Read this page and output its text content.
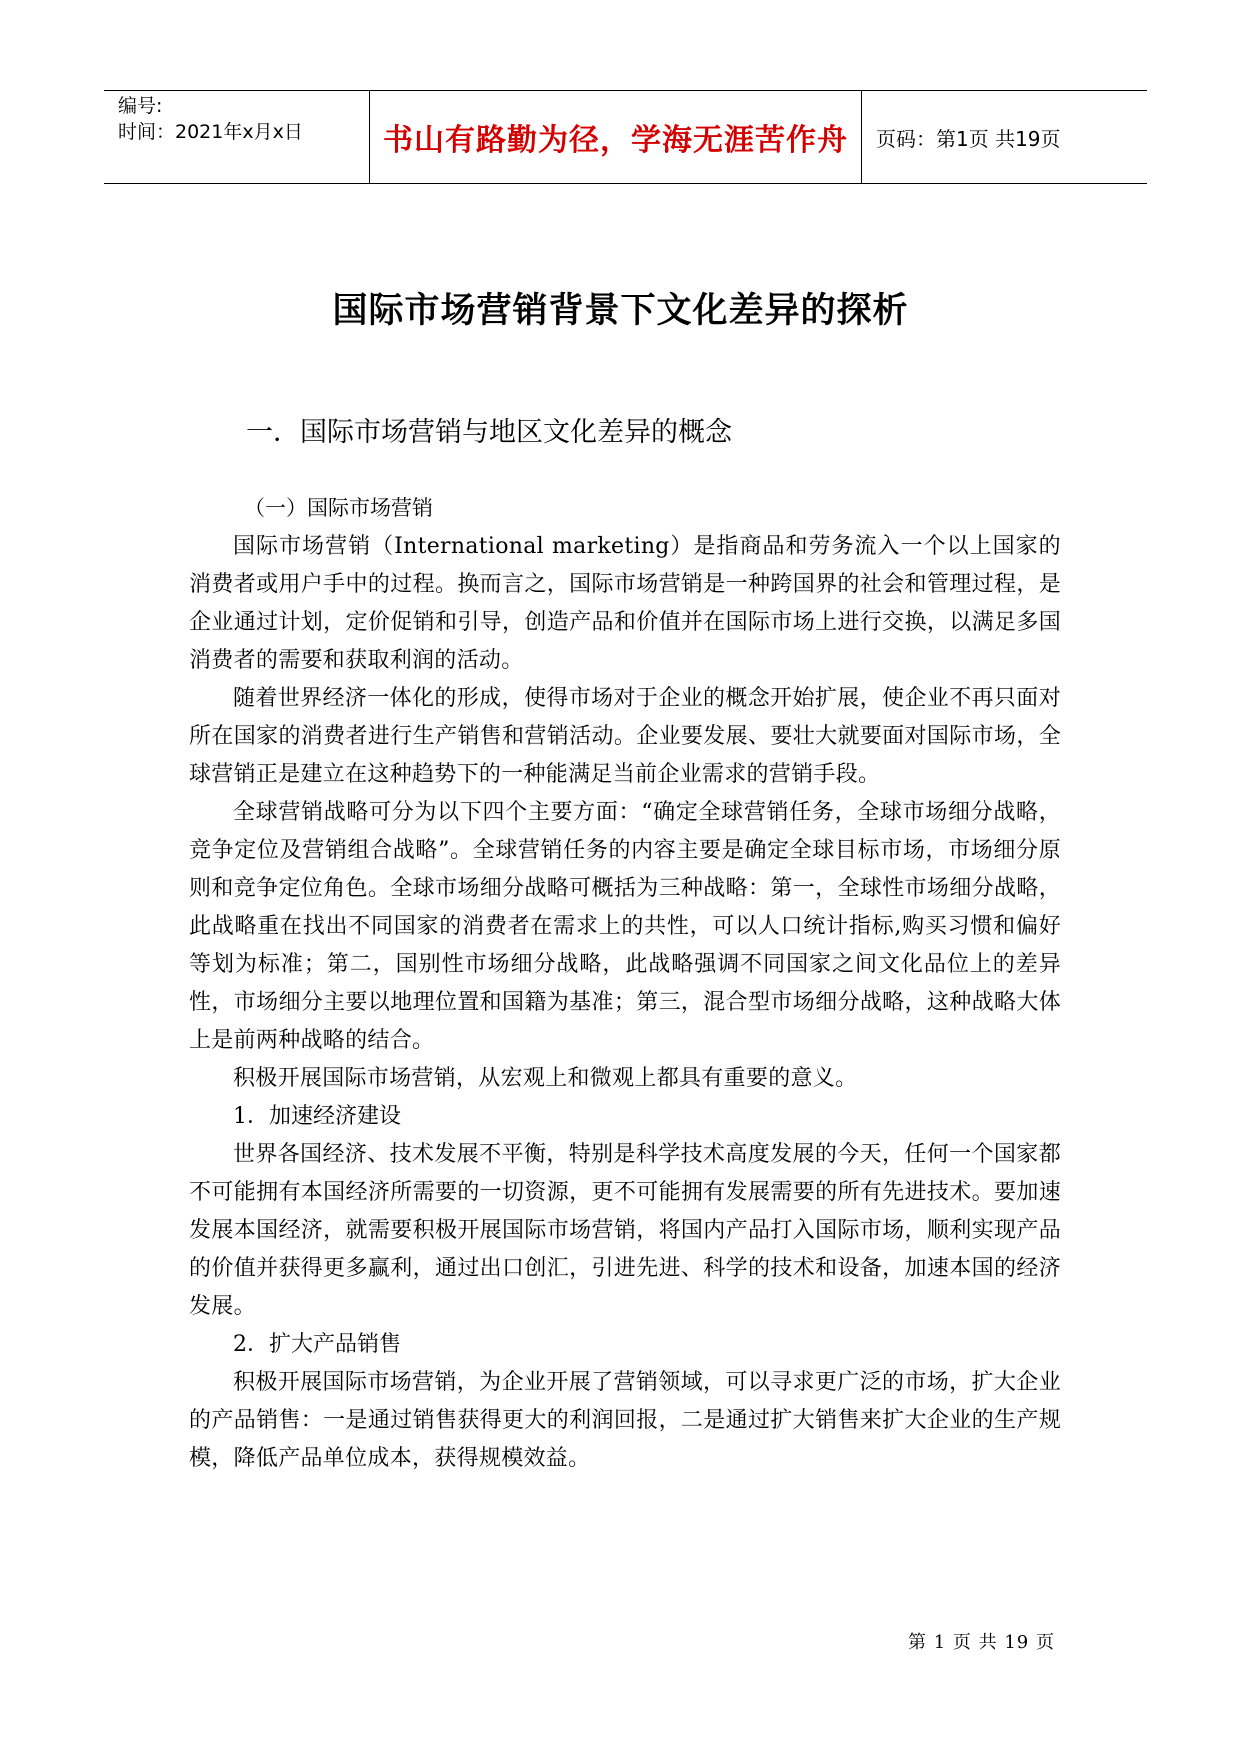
编号:
时间：2021年x月x日	书山有路勤为径，学海无涯苦作舟	页码：第1页 共19页
国际市场营销背景下文化差异的探析
一．国际市场营销与地区文化差异的概念

（一）国际市场营销

国际市场营销（International marketing）是指商品和劳务流入一个以上国家的消费者或用户手中的过程。换而言之，国际市场营销是一种跨国界的社会和管理过程，是企业通过计划，定价促销和引导，创造产品和价值并在国际市场上进行交换，以满足多国消费者的需要和获取利润的活动。

随着世界经济一体化的形成，使得市场对于企业的概念开始扩展，使企业不再只面对所在国家的消费者进行生产销售和营销活动。企业要发展、要壮大就要面对国际市场，全球营销正是建立在这种趋势下的一种能满足当前企业需求的营销手段。

全球营销战略可分为以下四个主要方面：“确定全球营销任务，全球市场细分战略，竞争定位及营销组合战略”。全球营销任务的内容主要是确定全球目标市场，市场细分原则和竞争定位角色。全球市场细分战略可概括为三种战略：第一，全球性市场细分战略，此战略重在找出不同国家的消费者在需求上的共性，可以人口统计指标,购买习惯和偏好等划为标准；第二，国别性市场细分战略，此战略强调不同国家之间文化品位上的差异性，市场细分主要以地理位置和国籍为基准；第三，混合型市场细分战略，这种战略大体上是前两种战略的结合。

积极开展国际市场营销，从宏观上和微观上都具有重要的意义。

1．加速经济建设

世界各国经济、技术发展不平衡，特别是科学技术高度发展的今天，任何一个国家都不可能拥有本国经济所需要的一切资源，更不可能拥有发展需要的所有先进技术。要加速发展本国经济，就需要积极开展国际市场营销，将国内产品打入国际市场，顺利实现产品的价值并获得更多赢利，通过出口创汇，引进先进、科学的技术和设备，加速本国的经济发展。

2．扩大产品销售

积极开展国际市场营销，为企业开展了营销领域，可以寻求更广泛的市场，扩大企业的产品销售：一是通过销售获得更大的利润回报，二是通过扩大销售来扩大企业的生产规模，降低产品单位成本，获得规模效益。

第 1 页 共 19 页
